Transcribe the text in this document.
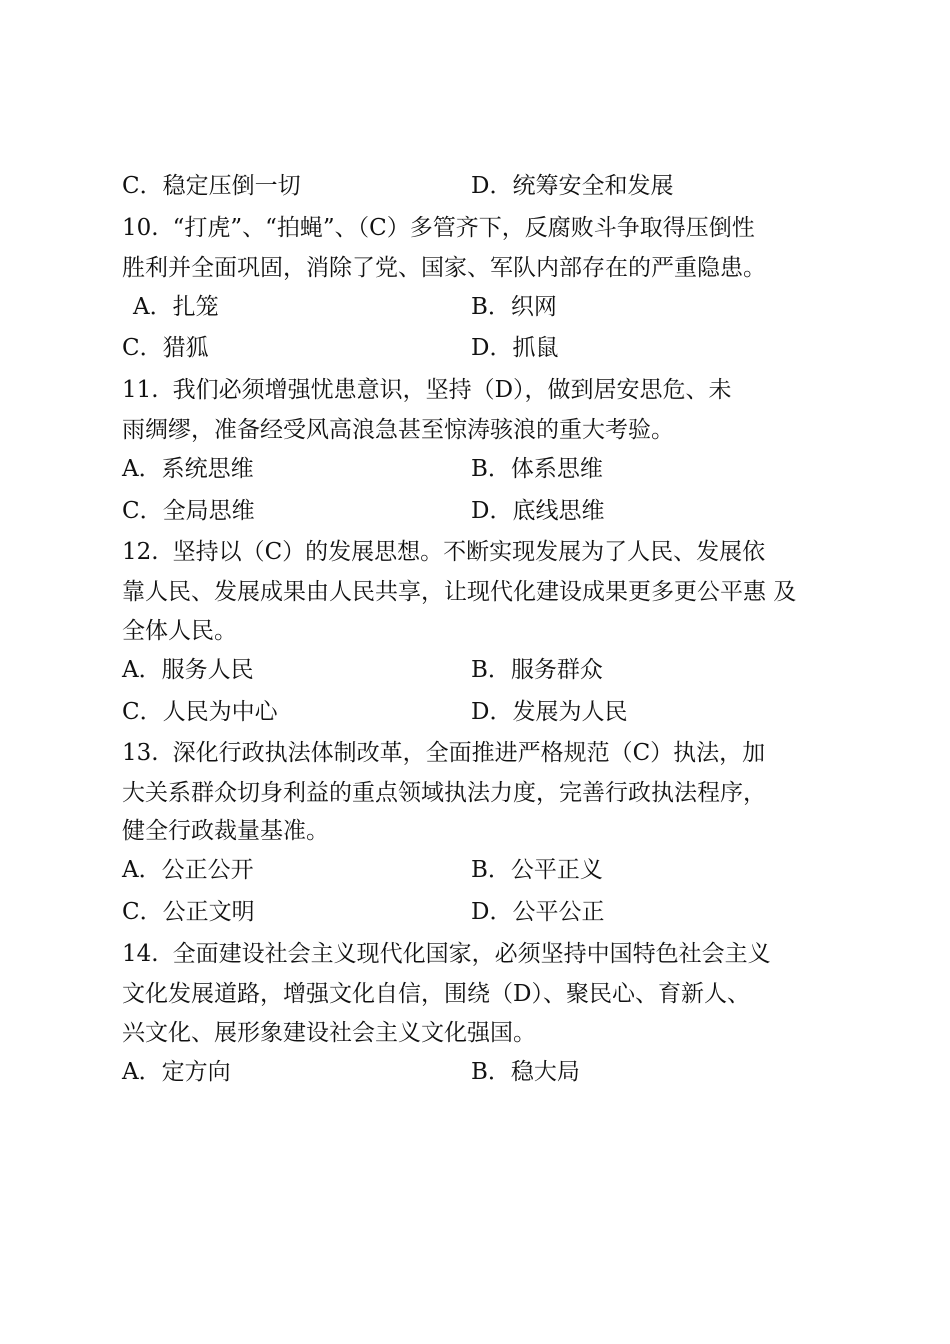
C．稳定压倒一切	D．统筹安全和发展
10. “打虎”、“拍蝇”、（C）多管齐下，反腐败斗争取得压倒性
胜利并全面巩固，消除了党、国家、军队内部存在的严重隐患。
A．扎笼	B．织网
C．猎狐	D．抓鼠
11. 我们必须增强忧患意识，坚持（D），做到居安思危、未
雨绸缪，准备经受风高浪急甚至惊涛骇浪的重大考验。
A．系统思维	B．体系思维
C．全局思维	D．底线思维
12. 坚持以（C）的发展思想。不断实现发展为了人民、发展依
靠人民、发展成果由人民共享，让现代化建设成果更多更公平惠 及
全体人民。
A．服务人民	B．服务群众
C．人民为中心	D．发展为人民
13. 深化行政执法体制改革，全面推进严格规范（C）执法，加
大关系群众切身利益的重点领域执法力度，完善行政执法程序，
健全行政裁量基准。
A．公正公开	B．公平正义
C．公正文明	D．公平公正
14. 全面建设社会主义现代化国家，必须坚持中国特色社会主义
文化发展道路，增强文化自信，围绕（D）、聚民心、育新人、
兴文化、展形象建设社会主义文化强国。
A．定方向	B．稳大局
